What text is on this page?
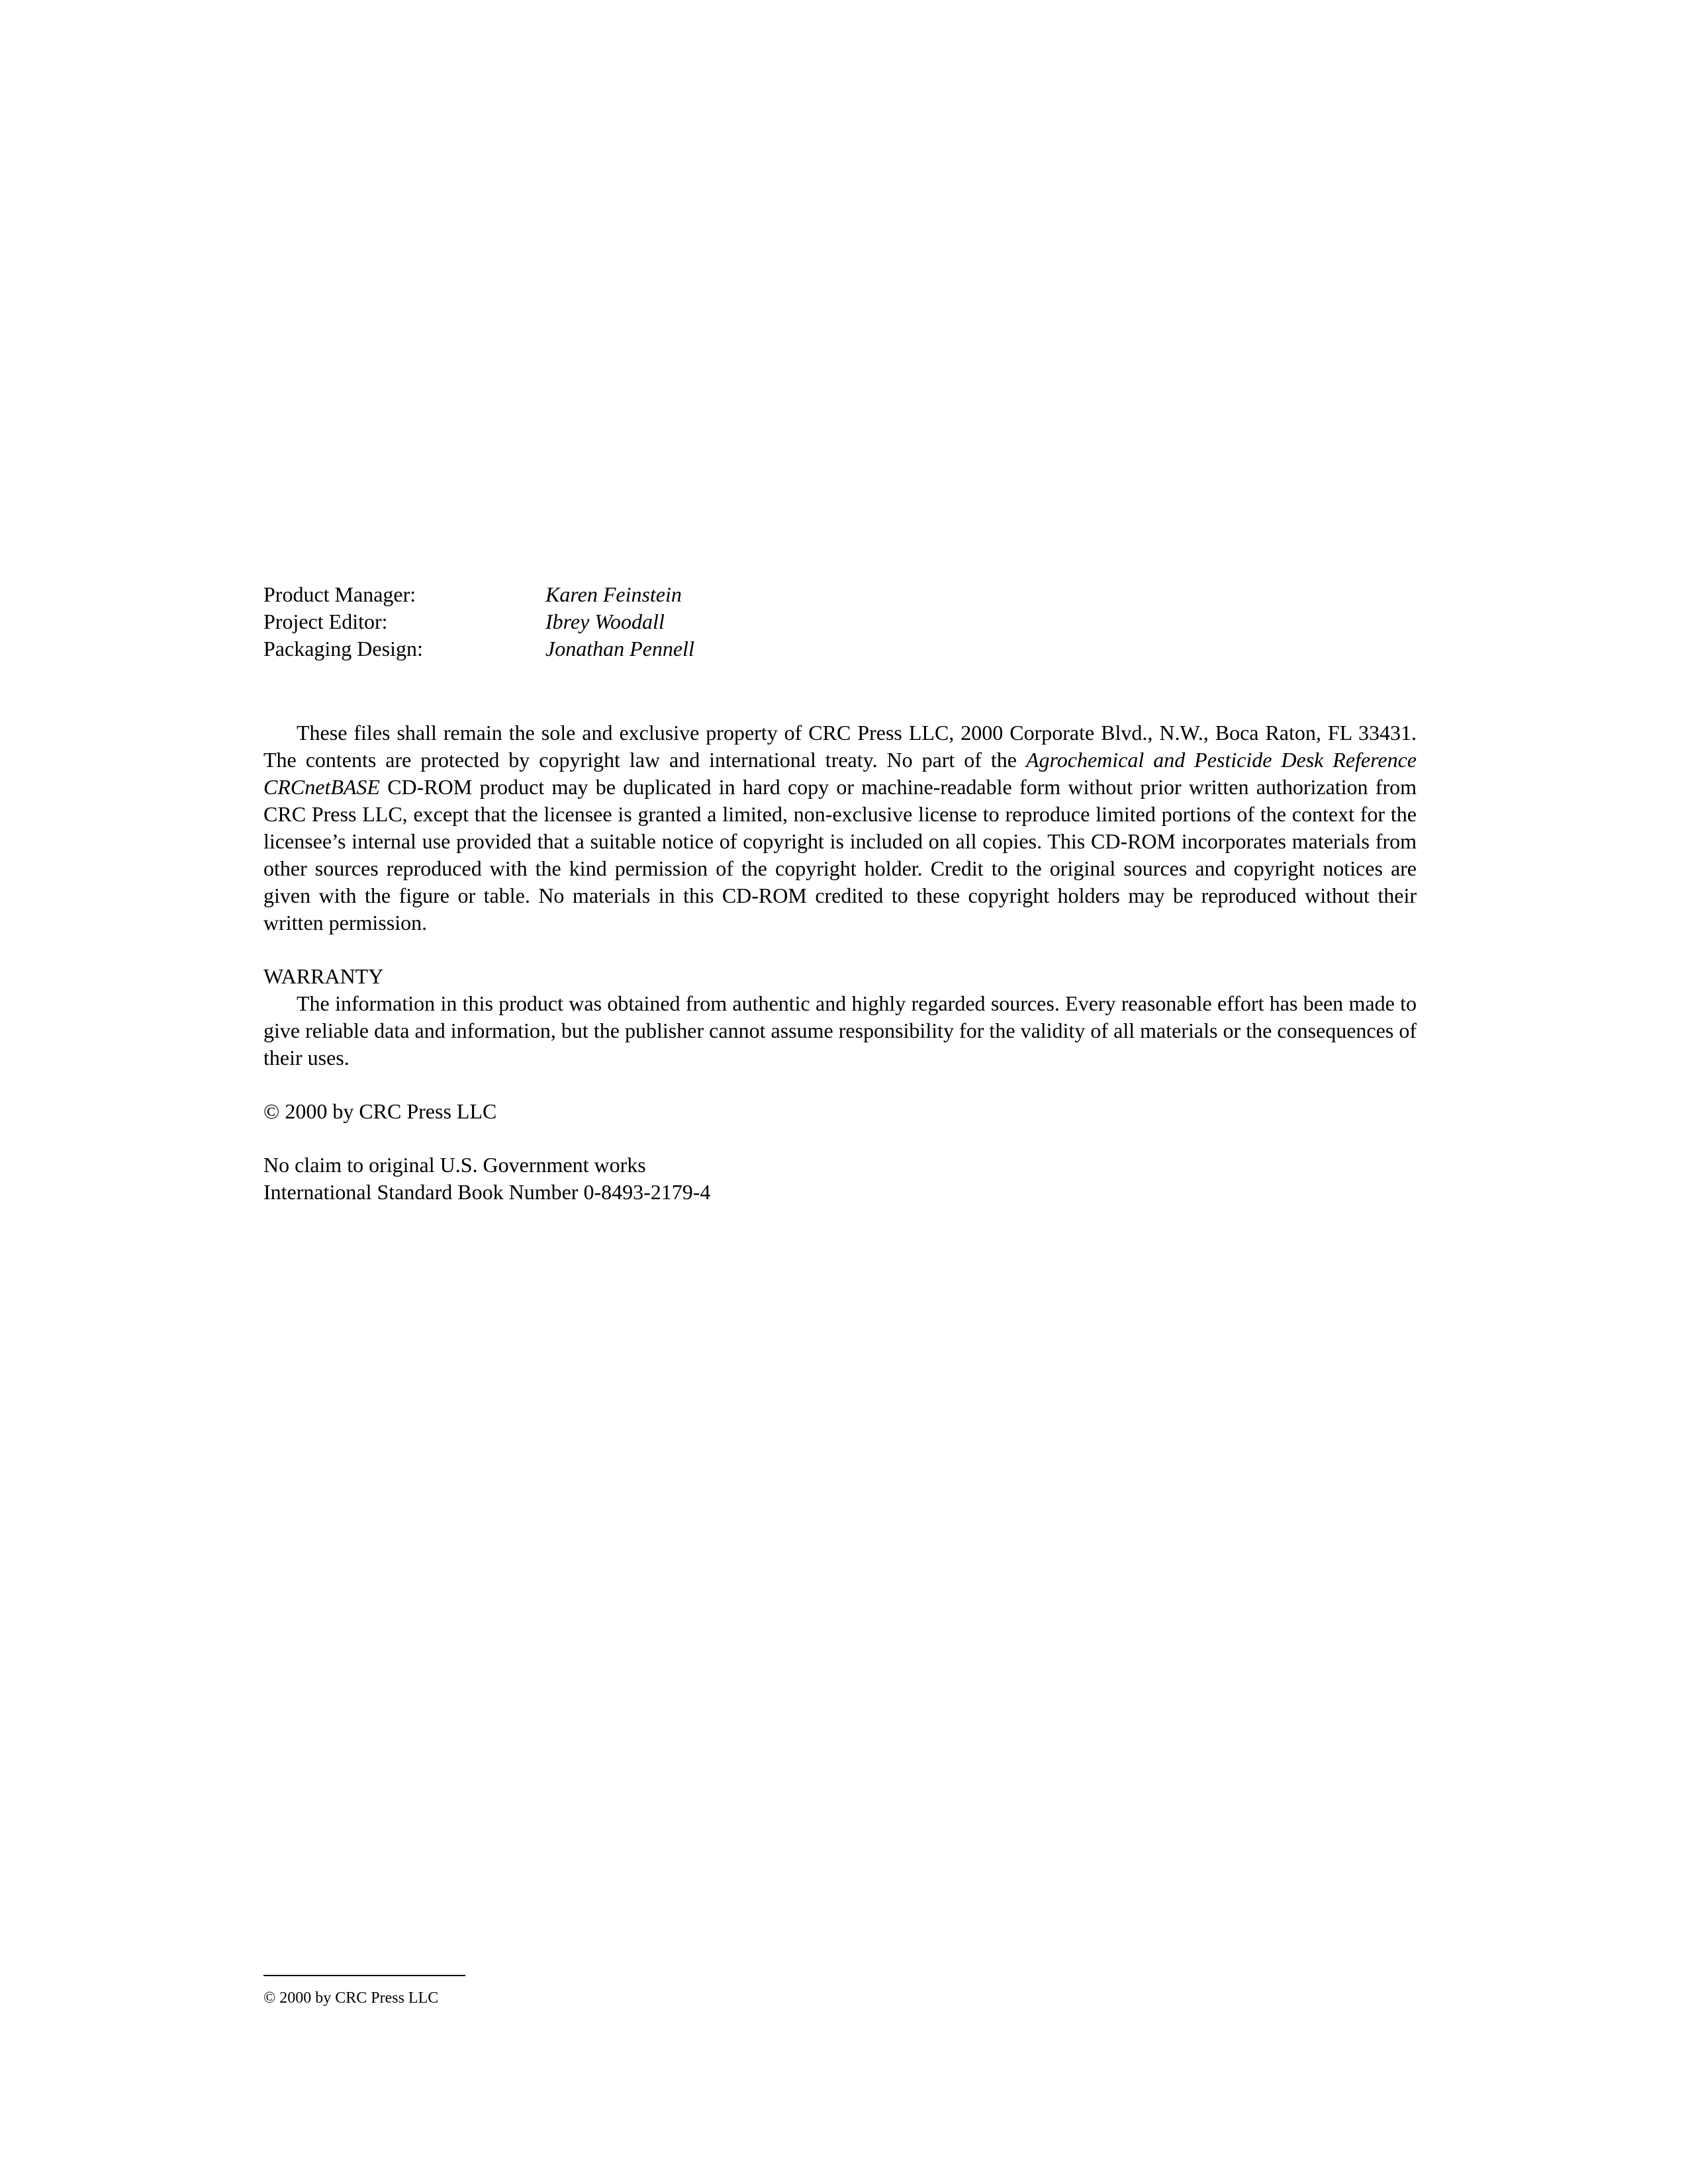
Product Manager:	Karen Feinstein
Project Editor:	Ibrey Woodall
Packaging Design:	Jonathan Pennell

These files shall remain the sole and exclusive property of CRC Press LLC, 2000 Corporate Blvd., N.W., Boca Raton, FL 33431. The contents are protected by copyright law and international treaty. No part of the Agrochemical and Pesticide Desk Reference CRCnetBASE CD-ROM product may be duplicated in hard copy or machine-readable form without prior written authorization from CRC Press LLC, except that the licensee is granted a limited, non-exclusive license to reproduce limited portions of the context for the licensee’s internal use provided that a suitable notice of copyright is included on all copies. This CD-ROM incorporates materials from other sources reproduced with the kind permission of the copyright holder. Credit to the original sources and copyright notices are given with the figure or table. No materials in this CD-ROM credited to these copyright holders may be reproduced without their written permission.

WARRANTY

The information in this product was obtained from authentic and highly regarded sources. Every reasonable effort has been made to give reliable data and information, but the publisher cannot assume responsibility for the validity of all materials or the consequences of their uses.

© 2000 by CRC Press LLC
No claim to original U.S. Government works
International Standard Book Number 0-8493-2179-4
© 2000 by CRC Press LLC
